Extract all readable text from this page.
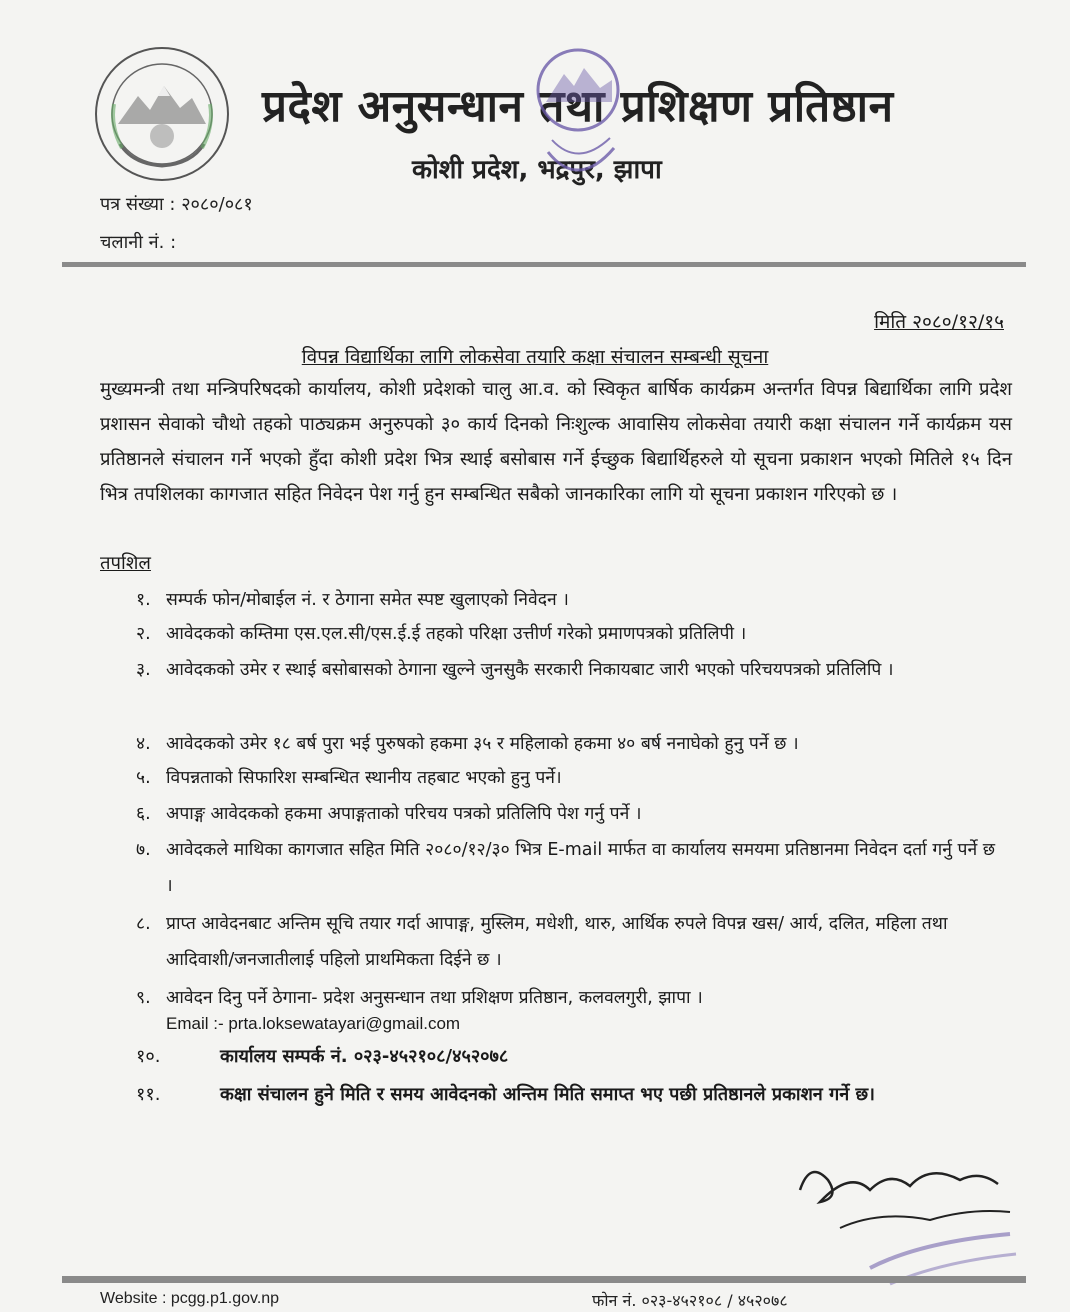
प्रदेश अनुसन्धान तथा प्रशिक्षण प्रतिष्ठान
कोशी प्रदेश, भद्रपुर, झापा
पत्र संख्या : २०८०/०८१
चलानी नं. :
मिति २०८०/१२/१५
विपन्न विद्यार्थिका लागि लोकसेवा तयारि कक्षा संचालन सम्बन्धी सूचना
मुख्यमन्त्री तथा मन्त्रिपरिषदको कार्यालय, कोशी प्रदेशको चालु आ.व. को स्विकृत बार्षिक कार्यक्रम अन्तर्गत विपन्न बिद्यार्थिका लागि प्रदेश प्रशासन सेवाको चौथो तहको पाठ्यक्रम अनुरुपको ३० कार्य दिनको निःशुल्क आवासिय लोकसेवा तयारी कक्षा संचालन गर्ने कार्यक्रम यस प्रतिष्ठानले संचालन गर्ने भएको हुँदा कोशी प्रदेश भित्र स्थाई बसोबास गर्ने ईच्छुक बिद्यार्थिहरुले यो सूचना प्रकाशन भएको मितिले १५ दिन भित्र तपशिलका कागजात सहित निवेदन पेश गर्नु हुन सम्बन्धित सबैको जानकारिका लागि यो सूचना प्रकाशन गरिएको छ ।
तपशिल
१. सम्पर्क फोन/मोबाईल नं. र ठेगाना समेत स्पष्ट खुलाएको निवेदन ।
२. आवेदकको कम्तिमा एस.एल.सी/एस.ई.ई तहको परिक्षा उत्तीर्ण गरेको प्रमाणपत्रको प्रतिलिपी ।
३. आवेदकको उमेर र स्थाई बसोबासको ठेगाना खुल्ने जुनसुकै सरकारी निकायबाट जारी भएको परिचयपत्रको प्रतिलिपि ।
४. आवेदकको उमेर १८ बर्ष पुरा भई पुरुषको हकमा ३५ र महिलाको हकमा ४० बर्ष ननाघेको हुनु पर्ने छ ।
५. विपन्नताको सिफारिश सम्बन्धित स्थानीय तहबाट भएको हुनु पर्ने।
६. अपाङ्ग आवेदकको हकमा अपाङ्गताको परिचय पत्रको प्रतिलिपि पेश गर्नु पर्ने ।
७. आवेदकले माथिका कागजात सहित मिति २०८०/१२/३० भित्र E-mail मार्फत वा कार्यालय समयमा प्रतिष्ठानमा निवेदन दर्ता गर्नु पर्ने छ ।
८. प्राप्त आवेदनबाट अन्तिम सूचि तयार गर्दा आपाङ्ग, मुस्लिम, मधेशी, थारु, आर्थिक रुपले विपन्न खस/ आर्य, दलित, महिला तथा आदिवाशी/जनजातीलाई पहिलो प्राथमिकता दिईने छ ।
९. आवेदन दिनु पर्ने ठेगाना- प्रदेश अनुसन्धान तथा प्रशिक्षण प्रतिष्ठान, कलवलगुरी, झापा ।
Email :- prta.loksewatayari@gmail.com
१०.	कार्यालय सम्पर्क नं. ०२३-४५२१०८/४५२०७८
११.	कक्षा संचालन हुने मिति र समय आवेदनको अन्तिम मिति समाप्त भए पछी प्रतिष्ठानले प्रकाशन गर्ने छ।
Website : pcgg.p1.gov.np	फोन नं. ०२३-४५२१०८ / ४५२०७८
